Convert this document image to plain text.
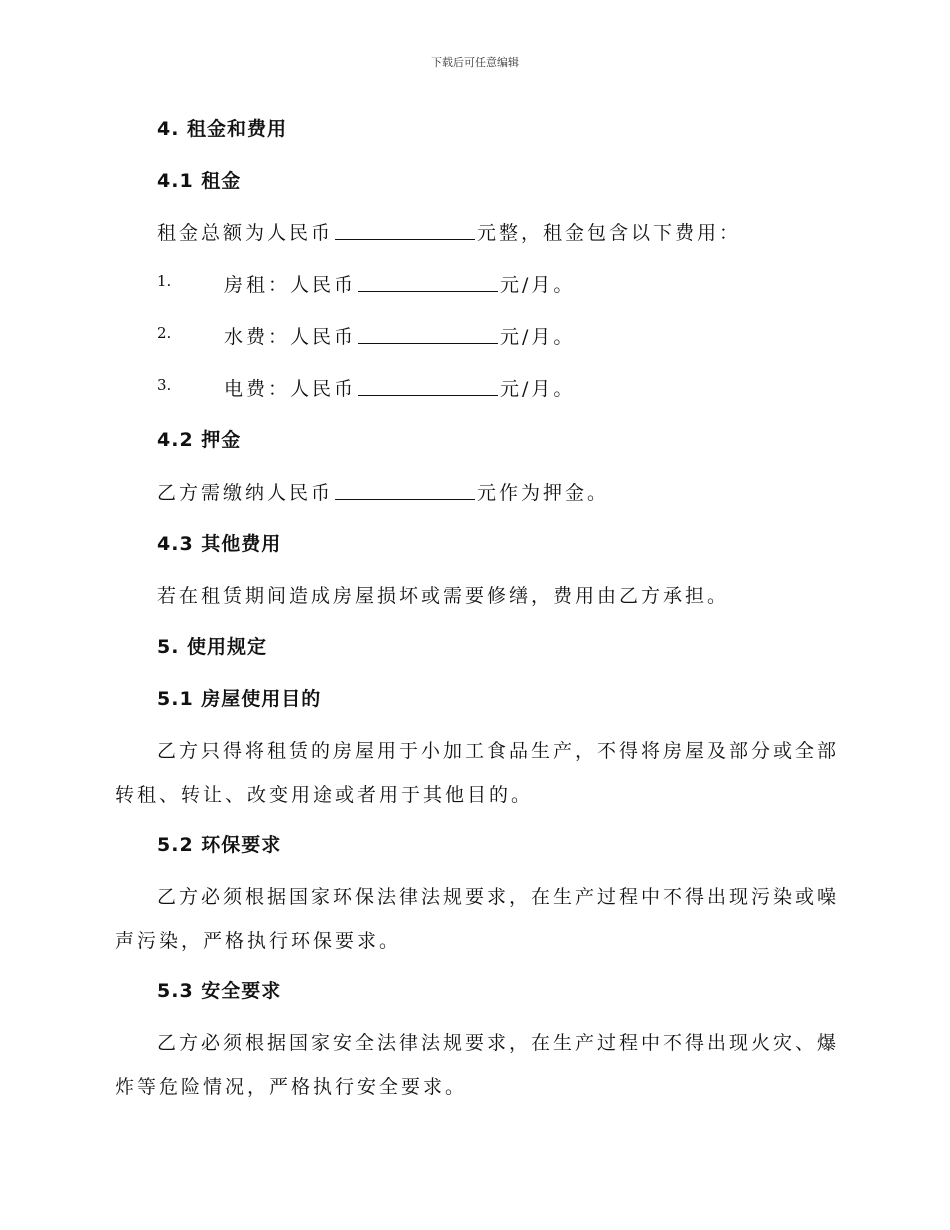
下载后可任意编辑
4. 租金和费用
4.1 租金
租金总额为人民币	元整，租金包含以下费用：
1.	房租：人民币	元/月。
2.	水费：人民币	元/月。
3.	电费：人民币	元/月。
4.2 押金
乙方需缴纳人民币	元作为押金。
4.3 其他费用
若在租赁期间造成房屋损坏或需要修缮，费用由乙方承担。
5. 使用规定
5.1 房屋使用目的
乙方只得将租赁的房屋用于小加工食品生产，不得将房屋及部分或全部
转租、转让、改变用途或者用于其他目的。
5.2 环保要求
乙方必须根据国家环保法律法规要求，在生产过程中不得出现污染或噪
声污染，严格执行环保要求。
5.3 安全要求
乙方必须根据国家安全法律法规要求，在生产过程中不得出现火灾、爆
炸等危险情况，严格执行安全要求。
